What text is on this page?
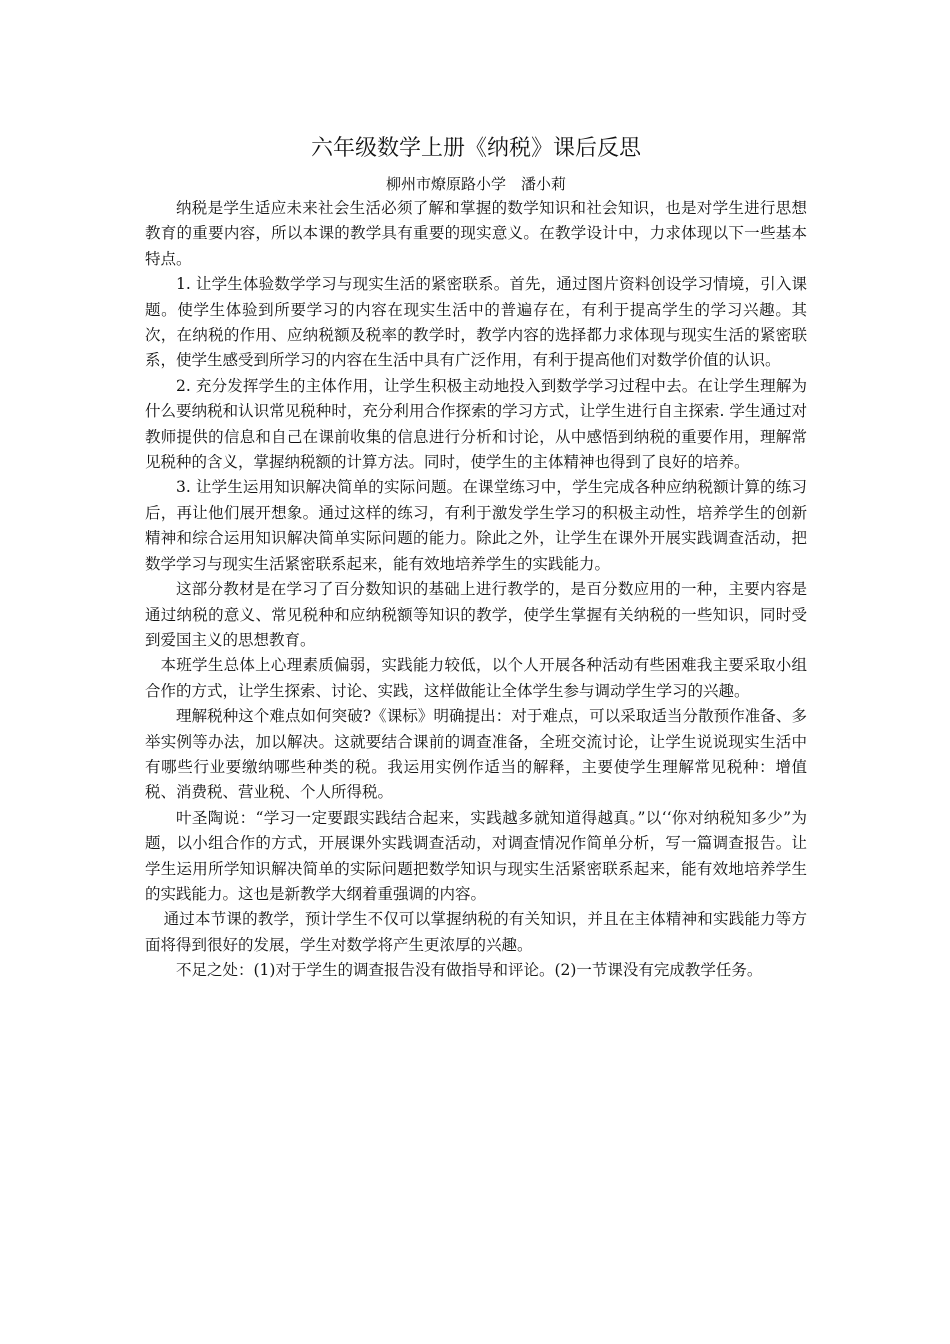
六年级数学上册《纳税》课后反思

柳州市燎原路小学　潘小莉

纳税是学生适应未来社会生活必须了解和掌握的数学知识和社会知识，也是对学生进行思想教育的重要内容，所以本课的教学具有重要的现实意义。在教学设计中，力求体现以下一些基本特点。

1. 让学生体验数学学习与现实生活的紧密联系。首先，通过图片资料创设学习情境，引入课题。使学生体验到所要学习的内容在现实生活中的普遍存在，有利于提高学生的学习兴趣。其次，在纳税的作用、应纳税额及税率的教学时，教学内容的选择都力求体现与现实生活的紧密联系，使学生感受到所学习的内容在生活中具有广泛作用，有利于提高他们对数学价值的认识。

2. 充分发挥学生的主体作用，让学生积极主动地投入到数学学习过程中去。在让学生理解为什么要纳税和认识常见税种时，充分利用合作探索的学习方式，让学生进行自主探索. 学生通过对教师提供的信息和自己在课前收集的信息进行分析和讨论，从中感悟到纳税的重要作用，理解常见税种的含义，掌握纳税额的计算方法。同时，使学生的主体精神也得到了良好的培养。

3. 让学生运用知识解决简单的实际问题。在课堂练习中，学生完成各种应纳税额计算的练习后，再让他们展开想象。通过这样的练习，有利于激发学生学习的积极主动性，培养学生的创新精神和综合运用知识解决简单实际问题的能力。除此之外，让学生在课外开展实践调查活动，把数学学习与现实生活紧密联系起来，能有效地培养学生的实践能力。

这部分教材是在学习了百分数知识的基础上进行教学的，是百分数应用的一种，主要内容是通过纳税的意义、常见税种和应纳税额等知识的教学，使学生掌握有关纳税的一些知识，同时受到爱国主义的思想教育。

本班学生总体上心理素质偏弱，实践能力较低，以个人开展各种活动有些困难我主要采取小组合作的方式，让学生探索、讨论、实践，这样做能让全体学生参与调动学生学习的兴趣。

理解税种这个难点如何突破?《课标》明确提出：对于难点，可以采取适当分散预作准备、多举实例等办法，加以解决。这就要结合课前的调查准备，全班交流讨论，让学生说说现实生活中有哪些行业要缴纳哪些种类的税。我运用实例作适当的解释，主要使学生理解常见税种：增值税、消费税、营业税、个人所得税。

叶圣陶说：“学习一定要跟实践结合起来，实践越多就知道得越真。”以‘‘你对纳税知多少”为题，以小组合作的方式，开展课外实践调查活动，对调查情况作简单分析，写一篇调查报告。让学生运用所学知识解决简单的实际问题把数学知识与现实生活紧密联系起来，能有效地培养学生的实践能力。这也是新教学大纲着重强调的内容。

通过本节课的教学，预计学生不仅可以掌握纳税的有关知识，并且在主体精神和实践能力等方面将得到很好的发展，学生对数学将产生更浓厚的兴趣。

不足之处：(1)对于学生的调查报告没有做指导和评论。(2)一节课没有完成教学任务。
